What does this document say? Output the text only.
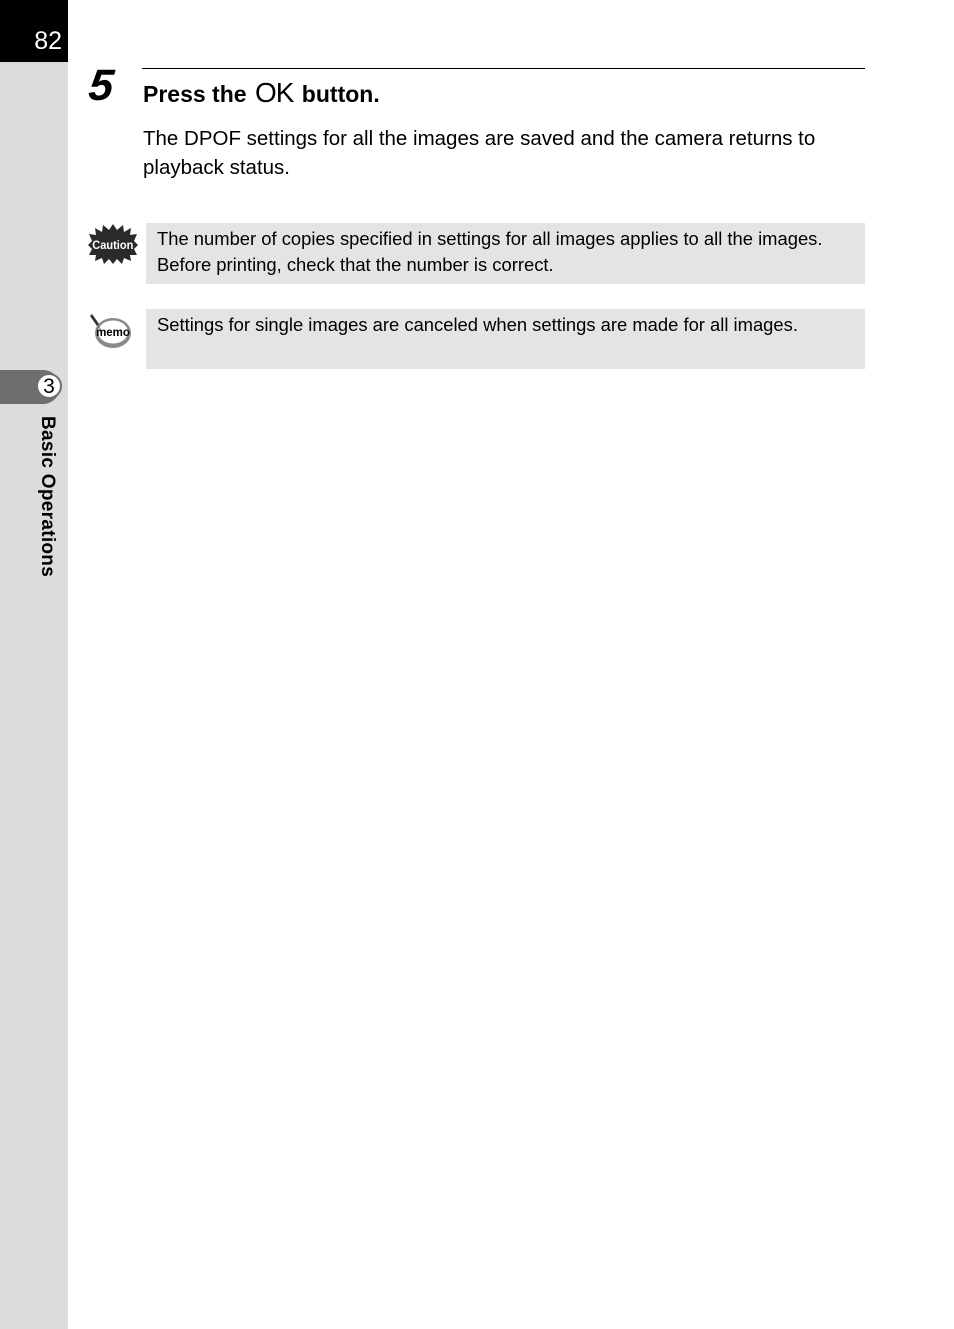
82
3
Basic Operations
5 Press the OK button.
The DPOF settings for all the images are saved and the camera returns to playback status.
Caution	The number of copies specified in settings for all images applies to all the images. Before printing, check that the number is correct.
memo	Settings for single images are canceled when settings are made for all images.
